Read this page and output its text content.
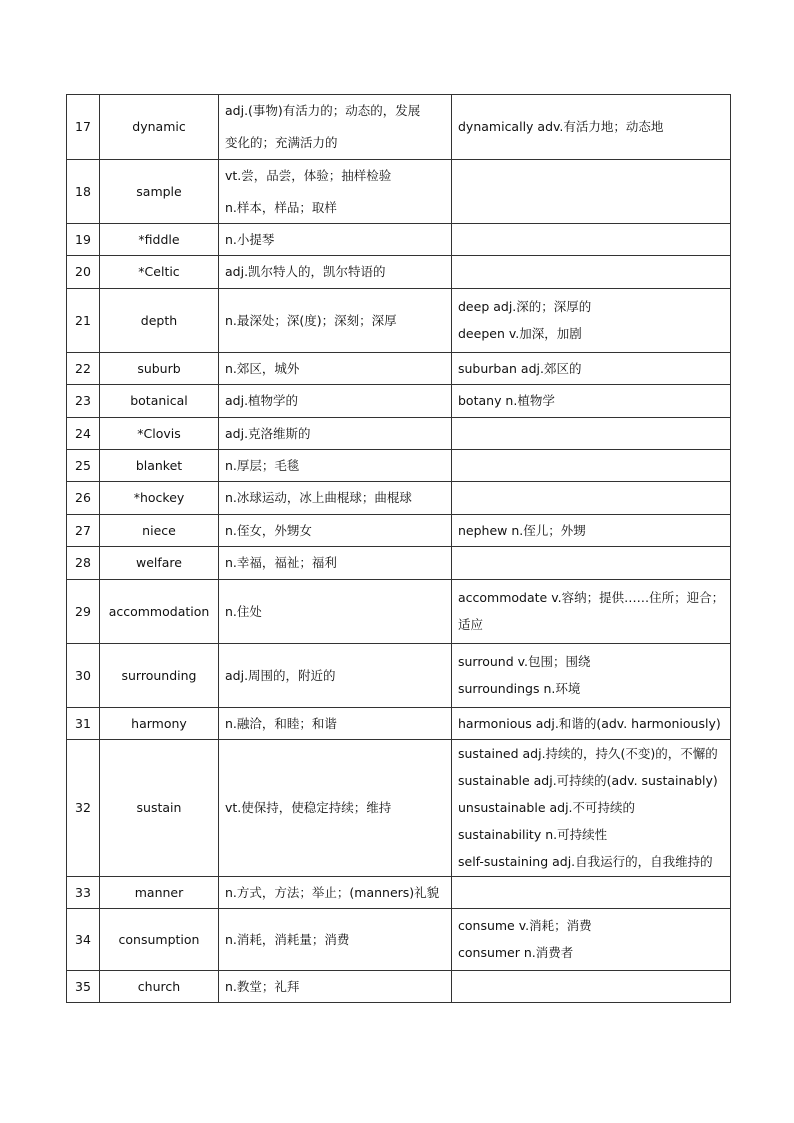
17	dynamic	adj.(事物)有活力的；动态的，发展
变化的；充满活力的	dynamically adv.有活力地；动态地

18	sample	vt.尝，品尝，体验；抽样检验
n.样本，样品；取样	

19	*fiddle	n.小提琴	

20	*Celtic	adj.凯尔特人的，凯尔特语的	

21	depth	n.最深处；深(度)；深刻；深厚	deep adj.深的；深厚的
deepen v.加深，加剧

22	suburb	n.郊区，城外	suburban adj.郊区的

23	botanical	adj.植物学的	botany n.植物学

24	*Clovis	adj.克洛维斯的	

25	blanket	n.厚层；毛毯	

26	*hockey	n.冰球运动，冰上曲棍球；曲棍球	

27	niece	n.侄女，外甥女	nephew n.侄儿；外甥

28	welfare	n.幸福，福祉；福利	

29	accommodation	n.住处	accommodate v.容纳；提供……住所；迎合；
适应

30	surrounding	adj.周围的，附近的	surround v.包围；围绕
surroundings n.环境

31	harmony	n.融洽，和睦；和谐	harmonious adj.和谐的(adv. harmoniously)

32	sustain	vt.使保持，使稳定持续；维持	sustained adj.持续的，持久(不变)的，不懈的
sustainable adj.可持续的(adv. sustainably)
unsustainable adj.不可持续的
sustainability n.可持续性
self-sustaining adj.自我运行的，自我维持的

33	manner	n.方式，方法；举止；(manners)礼貌	

34	consumption	n.消耗，消耗量；消费	consume v.消耗；消费
consumer n.消费者

35	church	n.教堂；礼拜	
